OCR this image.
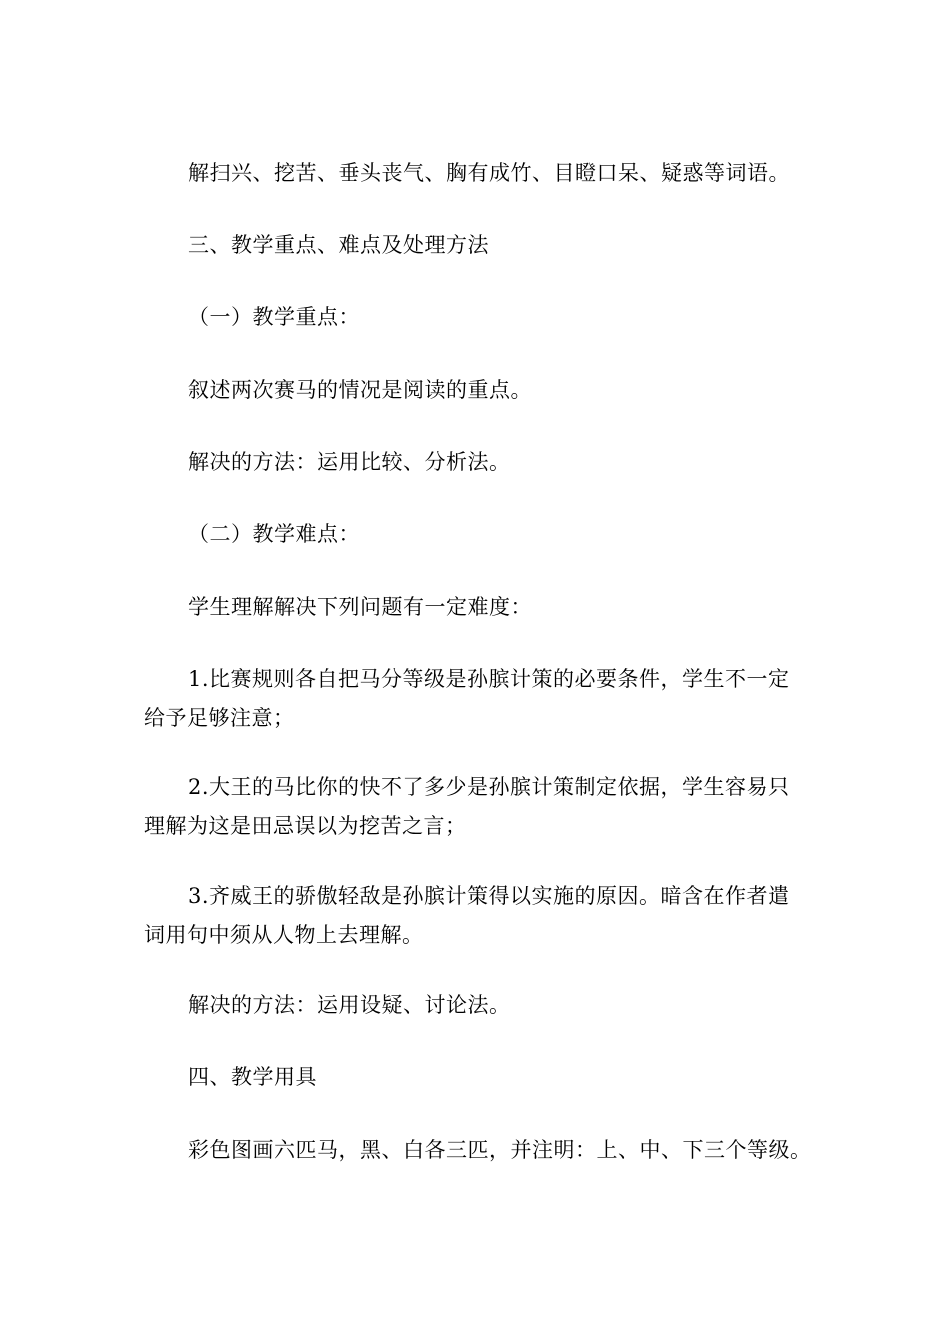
解扫兴、挖苦、垂头丧气、胸有成竹、目瞪口呆、疑惑等词语。

三、教学重点、难点及处理方法

（一）教学重点：

叙述两次赛马的情况是阅读的重点。

解决的方法：运用比较、分析法。

（二）教学难点：

学生理解解决下列问题有一定难度：

1.比赛规则各自把马分等级是孙膑计策的必要条件，学生不一定

给予足够注意；

2.大王的马比你的快不了多少是孙膑计策制定依据，学生容易只

理解为这是田忌误以为挖苦之言；

3.齐威王的骄傲轻敌是孙膑计策得以实施的原因。暗含在作者遣

词用句中须从人物上去理解。

解决的方法：运用设疑、讨论法。

四、教学用具

彩色图画六匹马，黑、白各三匹，并注明：上、中、下三个等级。
